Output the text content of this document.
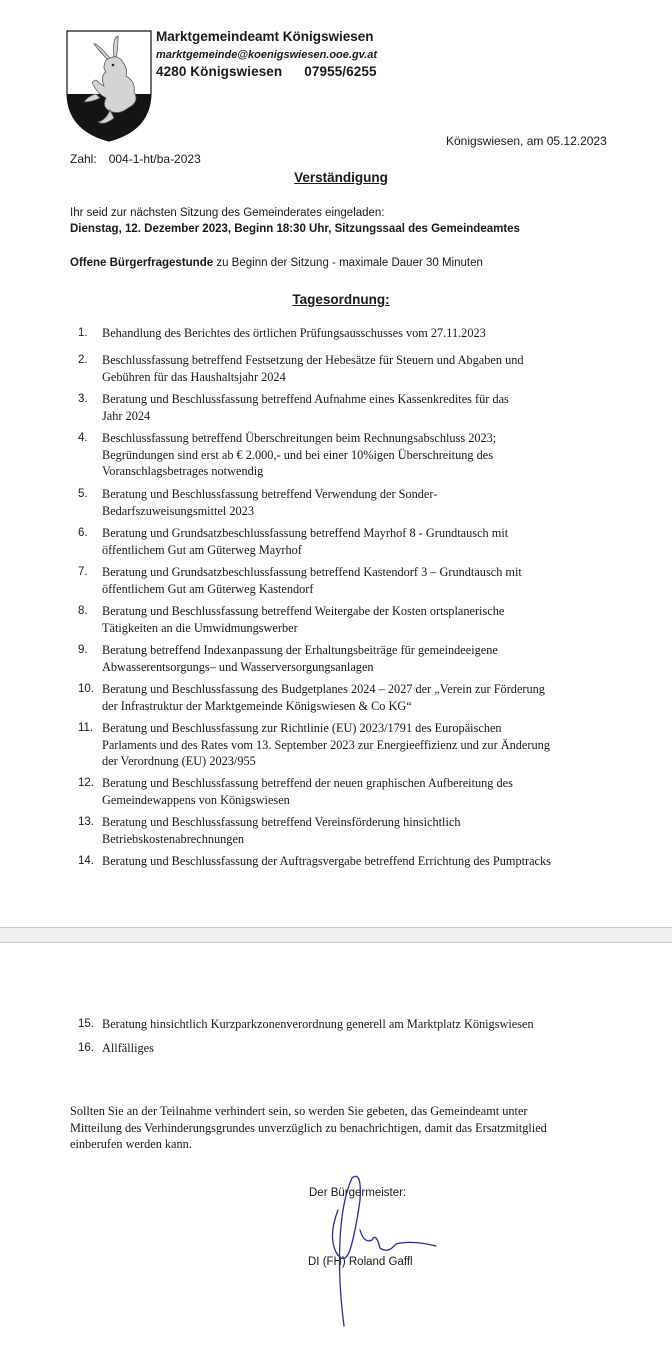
Marktgemeindeamt Königswiesen
marktgemeinde@koenigswiesen.ooe.gv.at
4280 Königswiesen 07955/6255
Königswiesen, am 05.12.2023
Zahl: 004-1-ht/ba-2023
Verständigung
Ihr seid zur nächsten Sitzung des Gemeinderates eingeladen:
Dienstag, 12. Dezember 2023, Beginn 18:30 Uhr, Sitzungssaal des Gemeindeamtes
Offene Bürgerfragestunde zu Beginn der Sitzung - maximale Dauer 30 Minuten
Tagesordnung:
1.	Behandlung des Berichtes des örtlichen Prüfungsausschusses vom 27.11.2023
2.	Beschlussfassung betreffend Festsetzung der Hebesätze für Steuern und Abgaben und
Gebühren für das Haushaltsjahr 2024
3.	Beratung und Beschlussfassung betreffend Aufnahme eines Kassenkredites für das
Jahr 2024
4.	Beschlussfassung betreffend Überschreitungen beim Rechnungsabschluss 2023;
Begründungen sind erst ab € 2.000,- und bei einer 10%igen Überschreitung des
Voranschlagsbetrages notwendig
5.	Beratung und Beschlussfassung betreffend Verwendung der Sonder-
Bedarfszuweisungsmittel 2023
6.	Beratung und Grundsatzbeschlussfassung betreffend Mayrhof 8 - Grundtausch mit
öffentlichem Gut am Güterweg Mayrhof
7.	Beratung und Grundsatzbeschlussfassung betreffend Kastendorf 3 – Grundtausch mit
öffentlichem Gut am Güterweg Kastendorf
8.	Beratung und Beschlussfassung betreffend Weitergabe der Kosten ortsplanerische
Tätigkeiten an die Umwidmungswerber
9.	Beratung betreffend Indexanpassung der Erhaltungsbeiträge für gemeindeeigene
Abwasserentsorgungs– und Wasserversorgungsanlagen
10. Beratung und Beschlussfassung des Budgetplanes 2024 – 2027 der „Verein zur Förderung
der Infrastruktur der Marktgemeinde Königswiesen & Co KG“
11. Beratung und Beschlussfassung zur Richtlinie (EU) 2023/1791 des Europäischen
Parlaments und des Rates vom 13. September 2023 zur Energieeffizienz und zur Änderung
der Verordnung (EU) 2023/955
12. Beratung und Beschlussfassung betreffend der neuen graphischen Aufbereitung des
Gemeindewappens von Königswiesen
13. Beratung und Beschlussfassung betreffend Vereinsförderung hinsichtlich
Betriebskostenabrechnungen
14. Beratung und Beschlussfassung der Auftragsvergabe betreffend Errichtung des Pumptracks
15. Beratung hinsichtlich Kurzparkzonenverordnung generell am Marktplatz Königswiesen
16. Allfälliges
Sollten Sie an der Teilnahme verhindert sein, so werden Sie gebeten, das Gemeindeamt unter
Mitteilung des Verhinderungsgrundes unverzüglich zu benachrichtigen, damit das Ersatzmitglied
einberufen werden kann.
Der Bürgermeister:
DI (FH) Roland Gaffl
